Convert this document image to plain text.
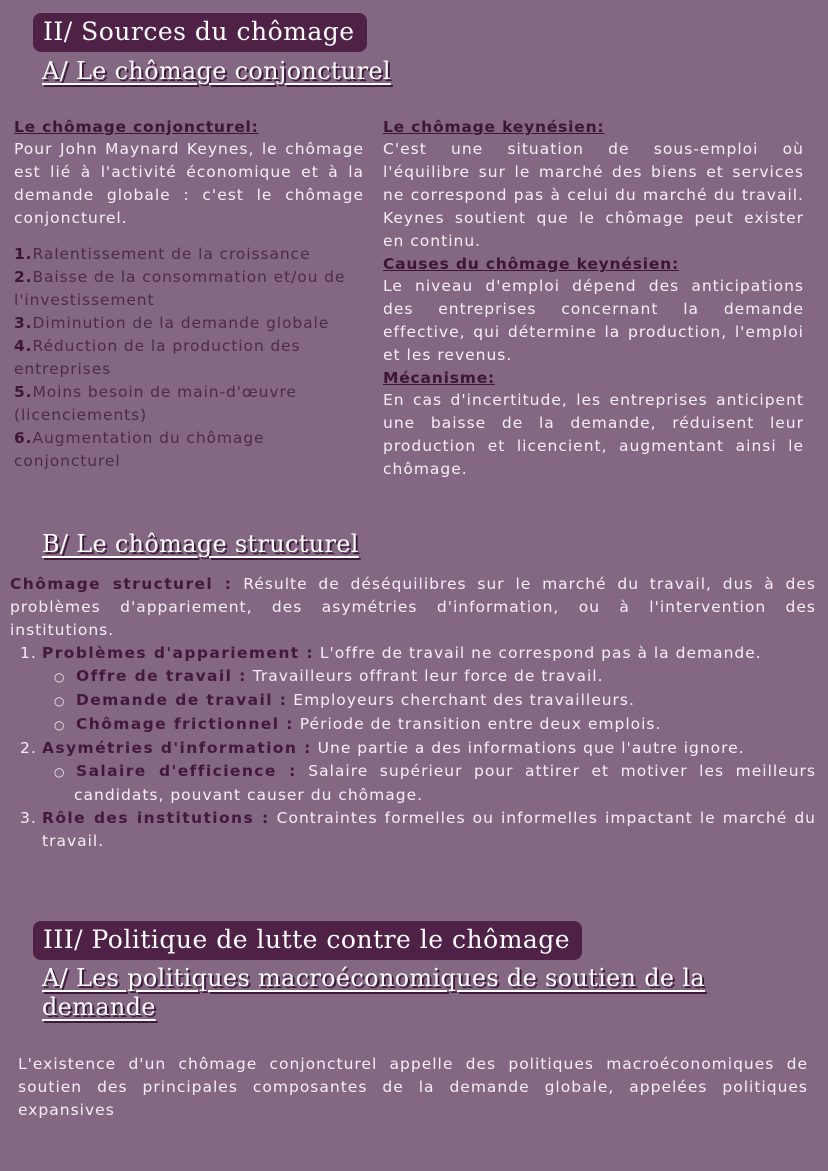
II/ Sources du chômage
A/ Le chômage conjoncturel
Le chômage conjoncturel:
Pour John Maynard Keynes, le chômage est lié à l'activité économique et à la demande globale : c'est le chômage conjoncturel.
1.Ralentissement de la croissance
2.Baisse de la consommation et/ou de l'investissement
3.Diminution de la demande globale
4.Réduction de la production des entreprises
5.Moins besoin de main-d'œuvre (licenciements)
6.Augmentation du chômage conjoncturel
Le chômage keynésien:
C'est une situation de sous-emploi où l'équilibre sur le marché des biens et services ne correspond pas à celui du marché du travail. Keynes soutient que le chômage peut exister en continu.
Causes du chômage keynésien:
Le niveau d'emploi dépend des anticipations des entreprises concernant la demande effective, qui détermine la production, l'emploi et les revenus.
Mécanisme:
En cas d'incertitude, les entreprises anticipent une baisse de la demande, réduisent leur production et licencient, augmentant ainsi le chômage.
B/ Le chômage structurel
Chômage structurel : Résulte de déséquilibres sur le marché du travail, dus à des problèmes d'appariement, des asymétries d'information, ou à l'intervention des institutions.
1. Problèmes d'appariement : L'offre de travail ne correspond pas à la demande.
○ Offre de travail : Travailleurs offrant leur force de travail.
○ Demande de travail : Employeurs cherchant des travailleurs.
○ Chômage frictionnel : Période de transition entre deux emplois.
2. Asymétries d'information : Une partie a des informations que l'autre ignore.
○ Salaire d'efficience : Salaire supérieur pour attirer et motiver les meilleurs candidats, pouvant causer du chômage.
3. Rôle des institutions : Contraintes formelles ou informelles impactant le marché du travail.
III/ Politique de lutte contre le chômage
A/ Les politiques macroéconomiques de soutien de la demande
L'existence d'un chômage conjoncturel appelle des politiques macroéconomiques de soutien des principales composantes de la demande globale, appelées politiques expansives
